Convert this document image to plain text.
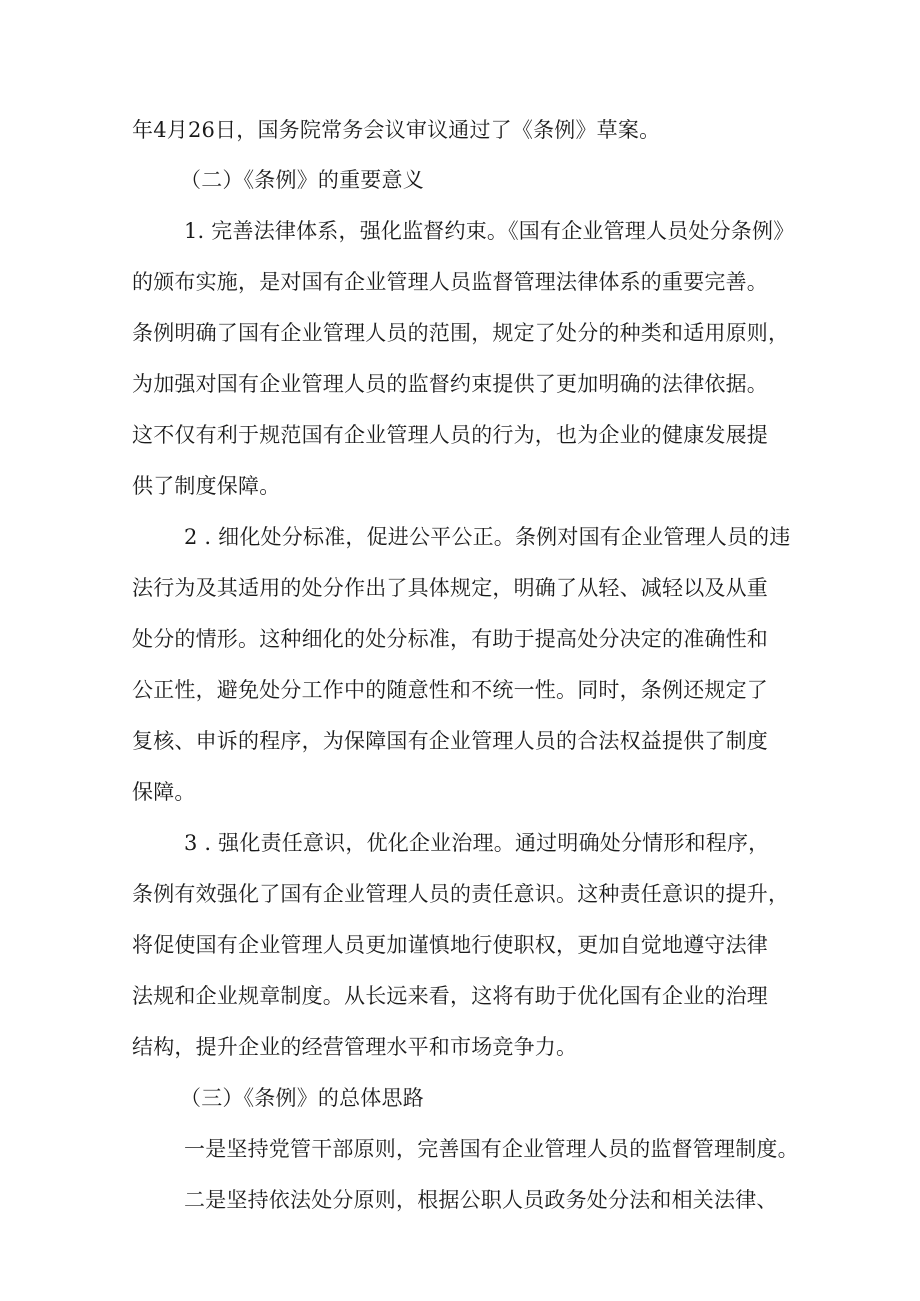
年4月26日，国务院常务会议审议通过了《条例》草案。
（二）《条例》的重要意义
1. 完善法律体系，强化监督约束。《国有企业管理人员处分条例》
的颁布实施，是对国有企业管理人员监督管理法律体系的重要完善。
条例明确了国有企业管理人员的范围，规定了处分的种类和适用原则，
为加强对国有企业管理人员的监督约束提供了更加明确的法律依据。
这不仅有利于规范国有企业管理人员的行为，也为企业的健康发展提
供了制度保障。
2 . 细化处分标准，促进公平公正。条例对国有企业管理人员的违
法行为及其适用的处分作出了具体规定，明确了从轻、减轻以及从重
处分的情形。这种细化的处分标准，有助于提高处分决定的准确性和
公正性，避免处分工作中的随意性和不统一性。同时，条例还规定了
复核、申诉的程序，为保障国有企业管理人员的合法权益提供了制度
保障。
3 . 强化责任意识，优化企业治理。通过明确处分情形和程序，
条例有效强化了国有企业管理人员的责任意识。这种责任意识的提升，
将促使国有企业管理人员更加谨慎地行使职权，更加自觉地遵守法律
法规和企业规章制度。从长远来看，这将有助于优化国有企业的治理
结构，提升企业的经营管理水平和市场竞争力。
（三）《条例》的总体思路
一是坚持党管干部原则，完善国有企业管理人员的监督管理制度。
二是坚持依法处分原则，根据公职人员政务处分法和相关法律、
